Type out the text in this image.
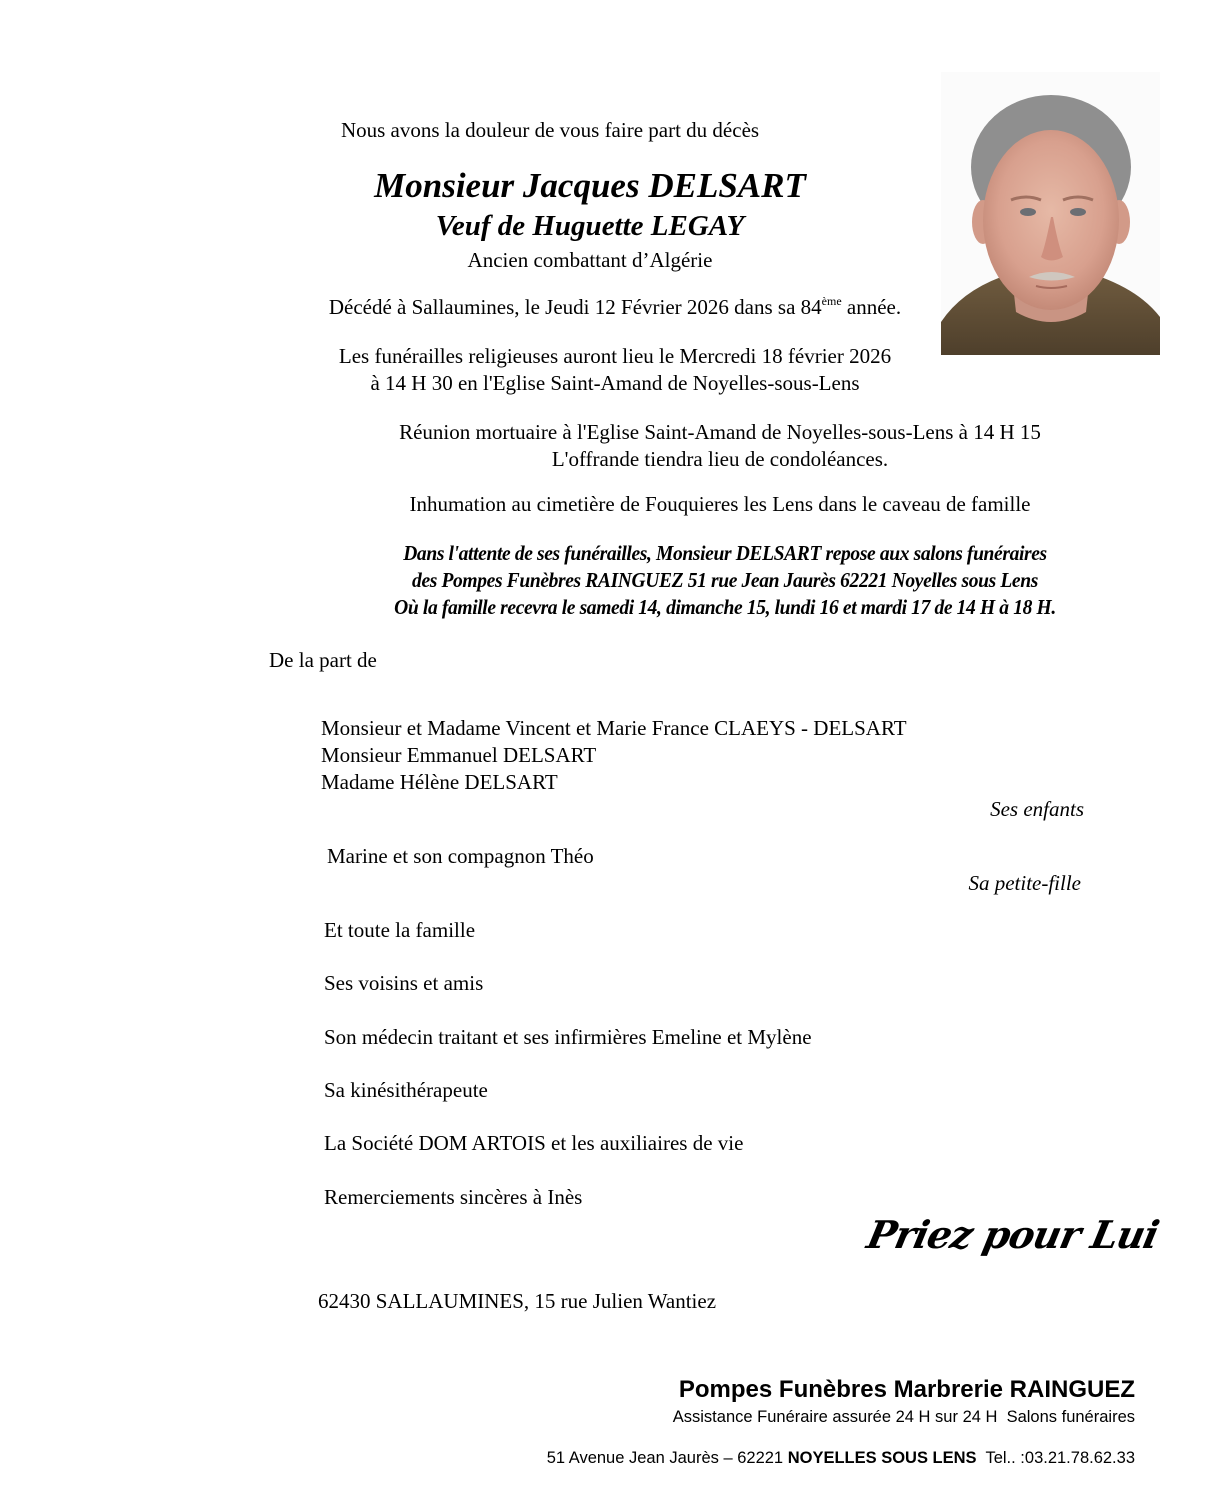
Nous avons la douleur de vous faire part du décès
Monsieur Jacques DELSART
Veuf de Huguette LEGAY
Ancien combattant d’Algérie
Décédé à Sallaumines, le Jeudi 12 Février 2026 dans sa 84ème année.
Les funérailles religieuses auront lieu le Mercredi 18 février 2026
à 14 H 30 en l'Eglise Saint-Amand de Noyelles-sous-Lens
Réunion mortuaire à l'Eglise Saint-Amand de Noyelles-sous-Lens à 14 H 15
L'offrande tiendra lieu de condoléances.
Inhumation au cimetière de Fouquieres les Lens dans le caveau de famille
Dans l'attente de ses funérailles, Monsieur DELSART repose aux salons funéraires
des Pompes Funèbres RAINGUEZ 51 rue Jean Jaurès 62221 Noyelles sous Lens
Où la famille recevra le samedi 14, dimanche 15, lundi 16 et mardi 17 de 14 H à 18 H.
De la part de
Monsieur et Madame Vincent et Marie France CLAEYS - DELSART
Monsieur Emmanuel DELSART
Madame Hélène DELSART
Ses enfants
Marine et son compagnon Théo
Sa petite-fille
Et toute la famille
Ses voisins et amis
Son médecin traitant et ses infirmières Emeline et Mylène
Sa kinésithérapeute
La Société DOM ARTOIS et les auxiliaires de vie
Remerciements sincères à Inès
Priez pour Lui
62430 SALLAUMINES, 15 rue Julien Wantiez
Pompes Funèbres Marbrerie RAINGUEZ
Assistance Funéraire assurée 24 H sur 24 H  Salons funéraires

51 Avenue Jean Jaurès – 62221 NOYELLES SOUS LENS  Tel.. :03.21.78.62.33
